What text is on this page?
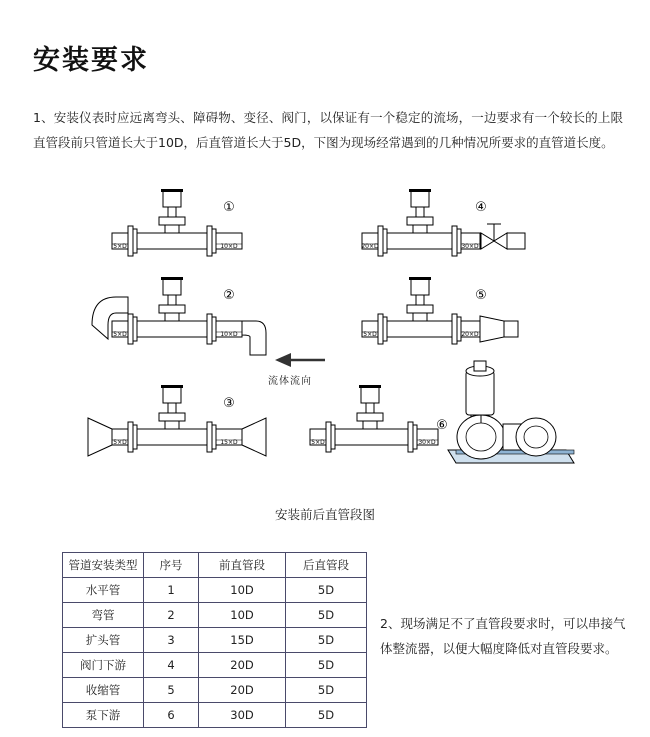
安装要求

1、安装仪表时应远离弯头、障碍物、变径、阀门，以保证有一个稳定的流场，一边要求有一个较长的上限直管段前只管道长大于10D，后直管道长大于5D，下图为现场经常遇到的几种情况所要求的直管道长度。

5×D	10×D
①
20×D	30×D
④
5×D	10×D
②
5×D	20×D
⑤
5×D	15×D
③
5×D	30×D
⑥
流体流向
安装前后直管段图
管道安装类型	序号	前直管段	后直管段
水平管	1	10D	5D
弯管	2	10D	5D
扩头管	3	15D	5D
阀门下游	4	20D	5D
收缩管	5	20D	5D
泵下游	6	30D	5D

2、现场满足不了直管段要求时，可以串接气体整流器，以便大幅度降低对直管段要求。
